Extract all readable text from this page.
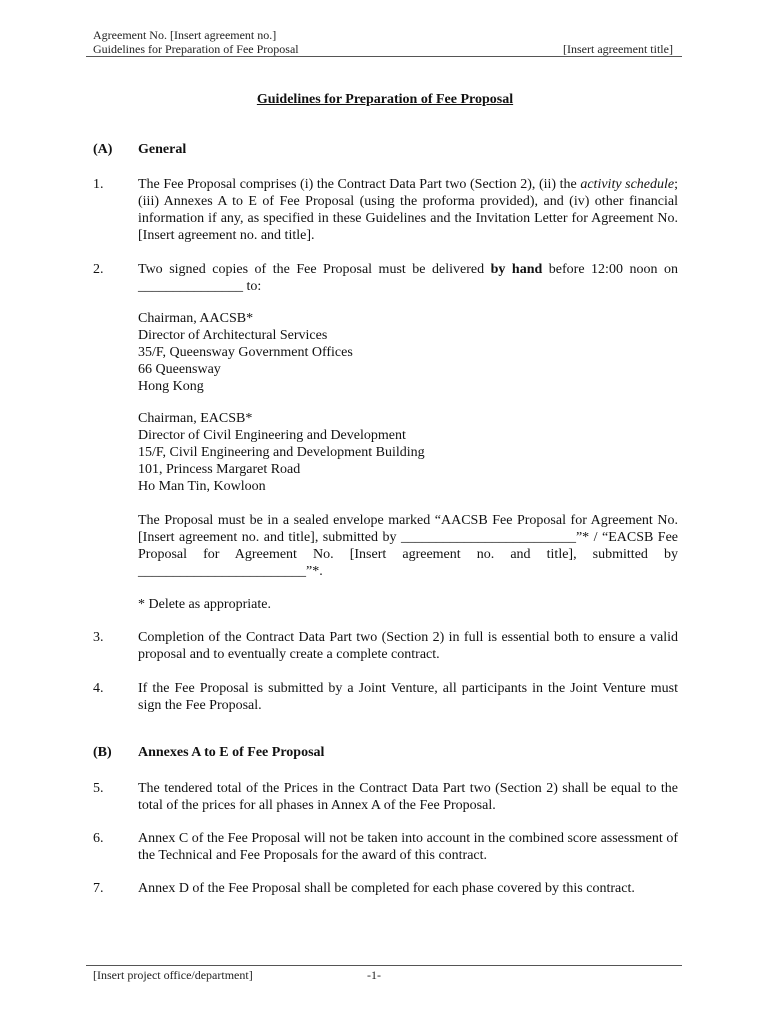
Agreement No. [Insert agreement no.]
Guidelines for Preparation of Fee Proposal	[Insert agreement title]
Guidelines for Preparation of Fee Proposal
(A) General
1. The Fee Proposal comprises (i) the Contract Data Part two (Section 2), (ii) the activity schedule; (iii) Annexes A to E of Fee Proposal (using the proforma provided), and (iv) other financial information if any, as specified in these Guidelines and the Invitation Letter for Agreement No. [Insert agreement no. and title].
2. Two signed copies of the Fee Proposal must be delivered by hand before 12:00 noon on _______________ to:
Chairman, AACSB*
Director of Architectural Services
35/F, Queensway Government Offices
66 Queensway
Hong Kong
Chairman, EACSB*
Director of Civil Engineering and Development
15/F, Civil Engineering and Development Building
101, Princess Margaret Road
Ho Man Tin, Kowloon
The Proposal must be in a sealed envelope marked “AACSB Fee Proposal for Agreement No. [Insert agreement no. and title], submitted by _________________________”* / “EACSB Fee Proposal for Agreement No. [Insert agreement no. and title], submitted by ________________________”*.
* Delete as appropriate.
3. Completion of the Contract Data Part two (Section 2) in full is essential both to ensure a valid proposal and to eventually create a complete contract.
4. If the Fee Proposal is submitted by a Joint Venture, all participants in the Joint Venture must sign the Fee Proposal.
(B) Annexes A to E of Fee Proposal
5. The tendered total of the Prices in the Contract Data Part two (Section 2) shall be equal to the total of the prices for all phases in Annex A of the Fee Proposal.
6. Annex C of the Fee Proposal will not be taken into account in the combined score assessment of the Technical and Fee Proposals for the award of this contract.
7. Annex D of the Fee Proposal shall be completed for each phase covered by this contract.
[Insert project office/department]	-1-
